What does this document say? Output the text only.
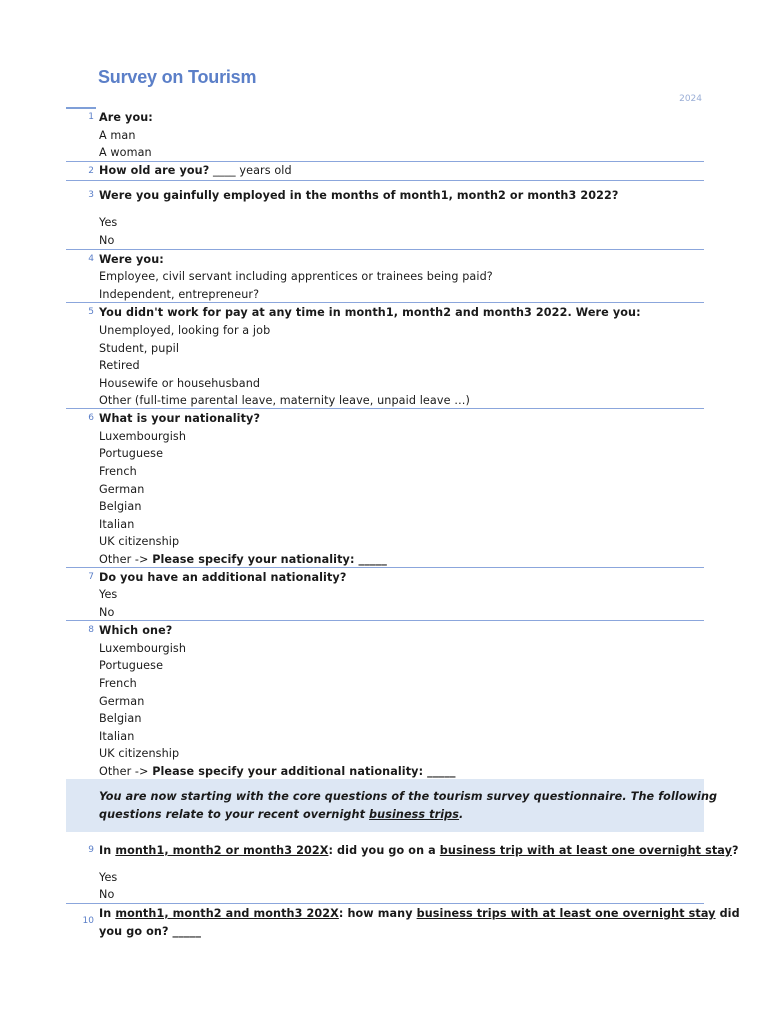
Survey on Tourism
2024
1 Are you:
A man
A woman
2 How old are you? ____ years old
3 Were you gainfully employed in the months of month1, month2 or month3 2022?
Yes
No
4 Were you:
Employee, civil servant including apprentices or trainees being paid?
Independent, entrepreneur?
5 You didn't work for pay at any time in month1, month2 and month3 2022. Were you:
Unemployed, looking for a job
Student, pupil
Retired
Housewife or househusband
Other (full-time parental leave, maternity leave, unpaid leave …)
6 What is your nationality?
Luxembourgish
Portuguese
French
German
Belgian
Italian
UK citizenship
Other -> Please specify your nationality: _____
7 Do you have an additional nationality?
Yes
No
8 Which one?
Luxembourgish
Portuguese
French
German
Belgian
Italian
UK citizenship
Other -> Please specify your additional nationality: _____
You are now starting with the core questions of the tourism survey questionnaire. The following
questions relate to your recent overnight business trips.
9 In month1, month2 or month3 202X: did you go on a business trip with at least one overnight stay?
Yes
No
10
In month1, month2 and month3 202X: how many business trips with at least one overnight stay did
you go on? _____
